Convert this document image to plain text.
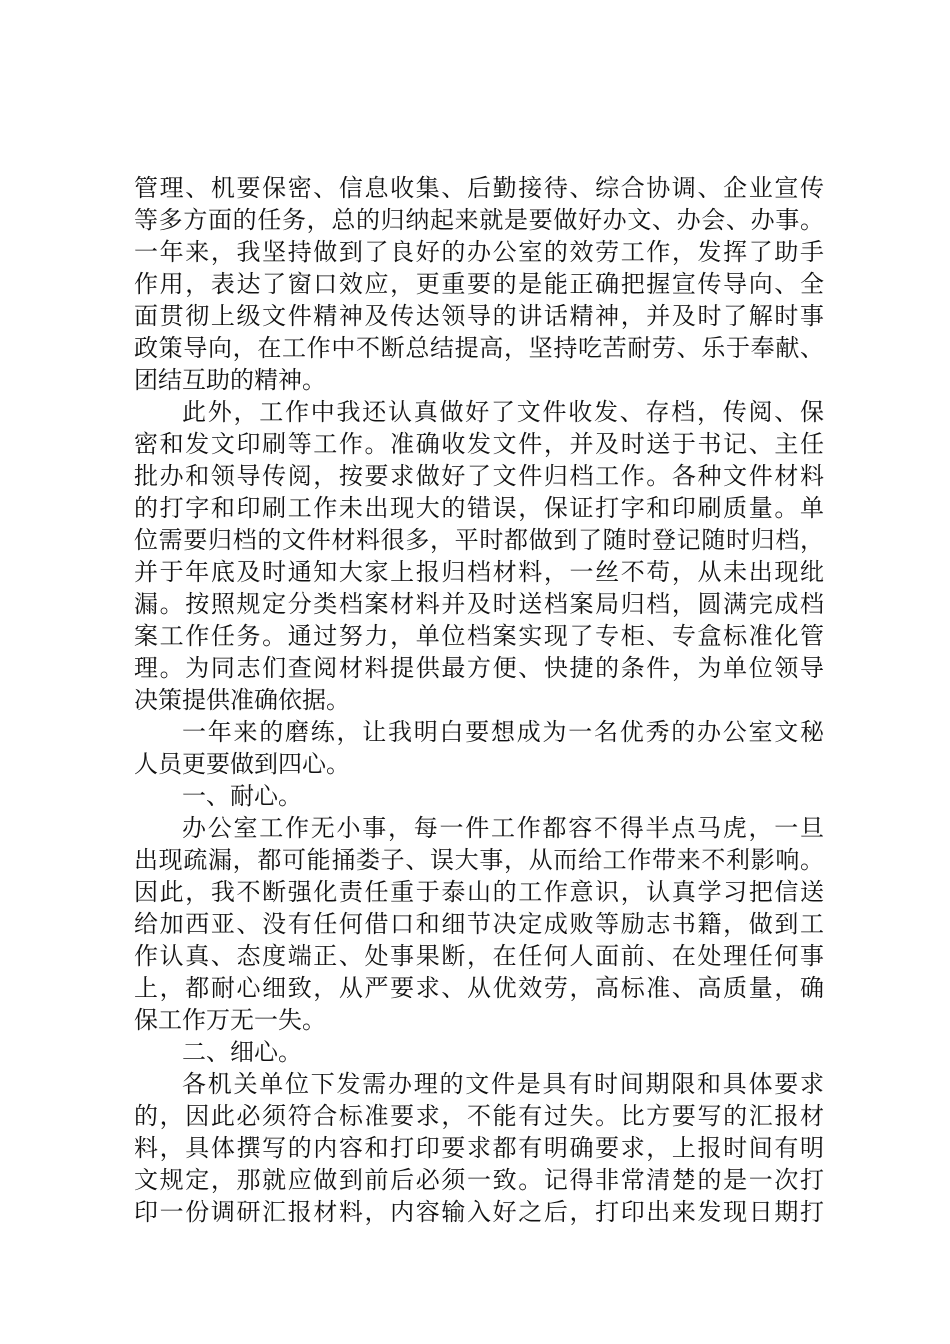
管理、机要保密、信息收集、后勤接待、综合协调、企业宣传
等多方面的任务，总的归纳起来就是要做好办文、办会、办事。
一年来，我坚持做到了良好的办公室的效劳工作，发挥了助手
作用，表达了窗口效应，更重要的是能正确把握宣传导向、全
面贯彻上级文件精神及传达领导的讲话精神，并及时了解时事
政策导向，在工作中不断总结提高，坚持吃苦耐劳、乐于奉献、
团结互助的精神。
此外，工作中我还认真做好了文件收发、存档，传阅、保
密和发文印刷等工作。准确收发文件，并及时送于书记、主任
批办和领导传阅，按要求做好了文件归档工作。各种文件材料
的打字和印刷工作未出现大的错误，保证打字和印刷质量。单
位需要归档的文件材料很多，平时都做到了随时登记随时归档，
并于年底及时通知大家上报归档材料，一丝不苟，从未出现纰
漏。按照规定分类档案材料并及时送档案局归档，圆满完成档
案工作任务。通过努力，单位档案实现了专柜、专盒标准化管
理。为同志们查阅材料提供最方便、快捷的条件，为单位领导
决策提供准确依据。
一年来的磨练，让我明白要想成为一名优秀的办公室文秘
人员更要做到四心。
一、耐心。
办公室工作无小事，每一件工作都容不得半点马虎，一旦
出现疏漏，都可能捅娄子、误大事，从而给工作带来不利影响。
因此，我不断强化责任重于泰山的工作意识，认真学习把信送
给加西亚、没有任何借口和细节决定成败等励志书籍，做到工
作认真、态度端正、处事果断，在任何人面前、在处理任何事
上，都耐心细致，从严要求、从优效劳，高标准、高质量，确
保工作万无一失。
二、细心。
各机关单位下发需办理的文件是具有时间期限和具体要求
的，因此必须符合标准要求，不能有过失。比方要写的汇报材
料，具体撰写的内容和打印要求都有明确要求，上报时间有明
文规定，那就应做到前后必须一致。记得非常清楚的是一次打
印一份调研汇报材料，内容输入好之后，打印出来发现日期打
